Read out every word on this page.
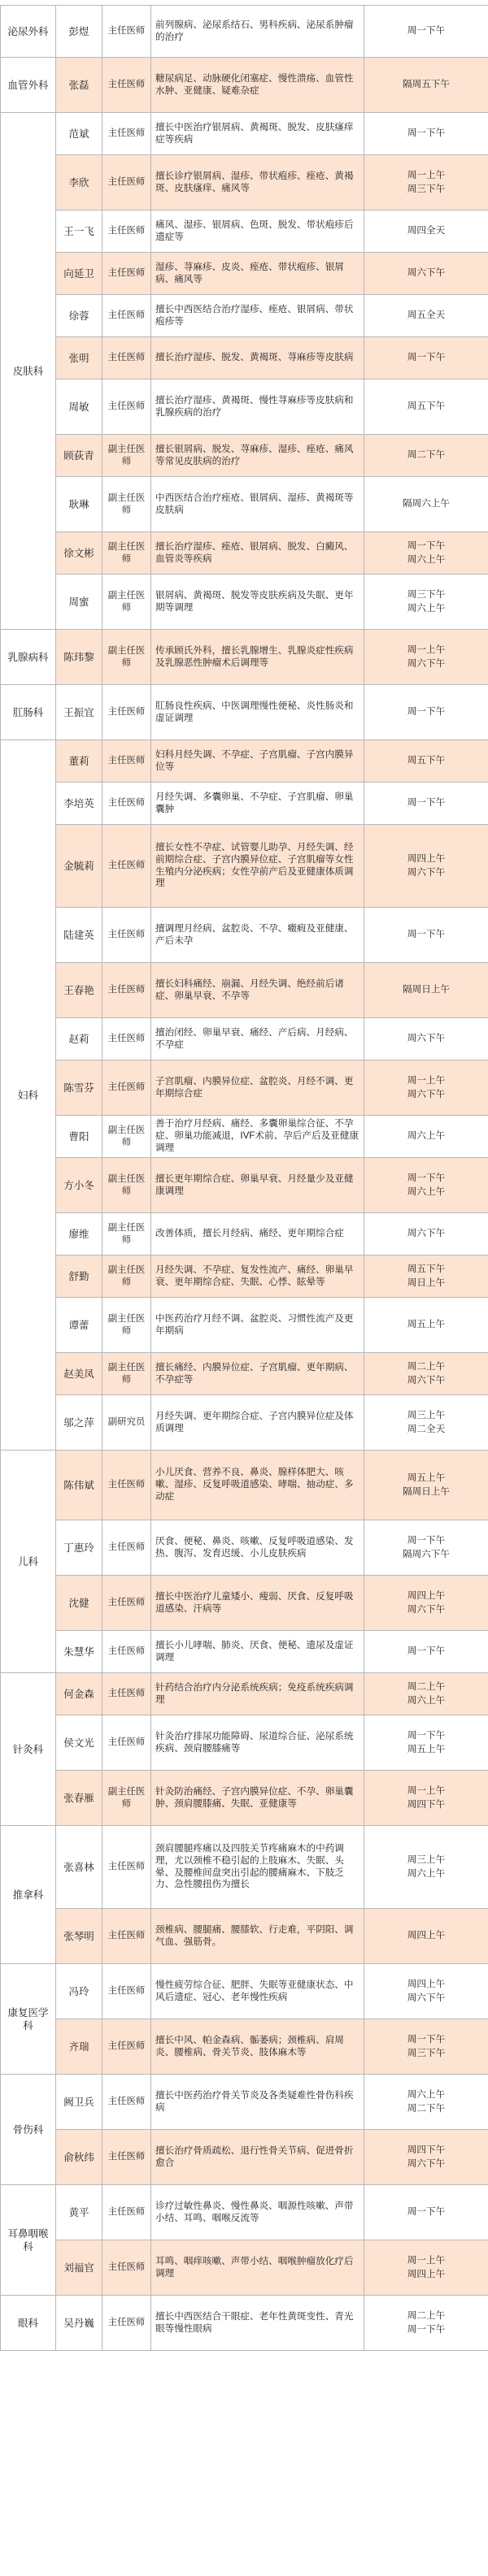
泌尿外科	彭煜	主任医师	前列腺病、泌尿系结石、男科疾病、泌尿系肿瘤的治疗	周一下午

血管外科	张磊	主任医师	糖尿病足、动脉硬化闭塞症、慢性溃疡、血管性水肿、亚健康、疑难杂症	隔周五下午

皮肤科	范斌	主任医师	擅长中医治疗银屑病、黄褐斑、脱发、皮肤瘙痒症等疾病	周一下午

	李欣	主任医师	擅长诊疗银屑病、湿疹、带状疱疹、痤疮、黄褐斑、皮肤瘙痒、痛风等	周一上午
周三下午

	王一飞	主任医师	痛风、湿疹、银屑病、色斑、脱发、带状疱疹后遗症等	周四全天

	向延卫	主任医师	湿疹、荨麻疹、皮炎、痤疮、带状疱疹、银屑病、痛风等	周六下午

	徐蓉	主任医师	擅长中西医结合治疗湿疹、痤疮、银屑病、带状疱疹等	周五全天

	张明	主任医师	擅长治疗湿疹、脱发、黄褐斑、荨麻疹等皮肤病	周一下午

	周敏	主任医师	擅长治疗湿疹、黄褐斑、慢性荨麻疹等皮肤病和乳腺疾病的治疗	周五下午

	顾荻青	副主任医师	擅长银屑病、脱发、荨麻疹、湿疹、痤疮、痛风等常见皮肤病的治疗	周二下午

	耿琳	副主任医师	中西医结合治疗痤疮、银屑病、湿疹、黄褐斑等皮肤病	隔周六上午

	徐文彬	副主任医师	擅长治疗湿疹、痤疮、银屑病、脱发、白癜风、血管炎等疾病	周一下午
周六上午

	周蜜	副主任医师	银屑病、黄褐斑、脱发等皮肤疾病及失眠、更年期等调理	周三下午
周六上午

乳腺病科	陈玮黎	副主任医师	传承顾氏外科，擅长乳腺增生、乳腺炎症性疾病及乳腺恶性肿瘤术后调理等	周一上午
周六下午

肛肠科	王振宜	主任医师	肛肠良性疾病、中医调理慢性便秘、炎性肠炎和虚证调理	周一下午

妇科	董莉	主任医师	妇科月经失调、不孕症、子宫肌瘤、子宫内膜异位等	周五下午

	李培英	主任医师	月经失调、多囊卵巢、不孕症、子宫肌瘤、卵巢囊肿	周一下午

	金毓莉	主任医师	擅长女性不孕症、试管婴儿助孕、月经失调、经前期综合症、子宫内膜异位症、子宫肌瘤等女性生殖内分泌疾病；女性孕前产后及亚健康体质调理	周四上午
周六下午

	陆建英	主任医师	擅调理月经病、盆腔炎、不孕、癥瘕及亚健康、产后未孕	周一下午

	王春艳	主任医师	擅长妇科痛经、崩漏、月经失调、绝经前后诸症、卵巢早衰、不孕等	隔周日上午

	赵莉	主任医师	擅治闭经、卵巢早衰、痛经、产后病、月经病、不孕症	周六下午

	陈雪芬	主任医师	子宫肌瘤、内膜异位症、盆腔炎、月经不调、更年期综合症	周一上午
周六下午

	曹阳	副主任医师	善于治疗月经病、痛经、多囊卵巢综合征、不孕症、卵巢功能减退，IVF术前、孕后产后及亚健康调理	周六上午

	方小冬	副主任医师	擅长更年期综合症、卵巢早衰、月经量少及亚健康调理	周一下午
周六上午

	廖维	副主任医师	改善体质，擅长月经病、痛经、更年期综合症	周六下午

	舒勤	副主任医师	月经失调、不孕症、复发性流产、痛经、卵巢早衰、更年期综合症、失眠、心悸、眩晕等	周五下午
周日上午

	谭蕾	副主任医师	中医药治疗月经不调、盆腔炎、习惯性流产及更年期病	周五上午

	赵美凤	副主任医师	擅长痛经、内膜异位症、子宫肌瘤、更年期病、不孕症等	周二上午
周六下午

	邬之萍	副研究员	月经失调、更年期综合症、子宫内膜异位症及体质调理	周三上午
周二全天

儿科	陈伟斌	主任医师	小儿厌食、营养不良、鼻炎、腺样体肥大、咳嗽、湿疹、反复呼吸道感染、哮喘、抽动症、多动症	周五上午
隔周日上午

	丁惠玲	主任医师	厌食、便秘、鼻炎、咳嗽、反复呼吸道感染、发热、腹泻、发育迟缓、小儿皮肤疾病	周一下午
隔周六下午

	沈健	主任医师	擅长中医治疗儿童矮小、瘦弱、厌食、反复呼吸道感染、汗病等	周四上午
周六下午

	朱慧华	主任医师	擅长小儿哮喘、肺炎、厌食、便秘、遗尿及虚证调理	周一下午

针灸科	何金森	主任医师	针药结合治疗内分泌系统疾病；免疫系统疾病调理	周二上午
周六上午

	侯文光	主任医师	针灸治疗排尿功能障碍、尿道综合征、泌尿系统疾病、颈肩腰膝痛等	周一下午
周五上午

	张春雁	副主任医师	针灸防治痛经、子宫内膜异位症、不孕、卵巢囊肿、颈肩腰膝痛、失眠、亚健康等	周一上午
周四下午

推拿科	张喜林	主任医师	颈肩腰腿疼痛以及四肢关节疼痛麻木的中药调理，尤以颈椎不稳引起的上肢麻木、失眠、头晕、及腰椎间盘突出引起的腰痛麻木、下肢乏力、急性腰扭伤为擅长	周三上午
周六上午

	张琴明	主任医师	颈椎病、腰腿痛、腰膝软、行走难，平阴阳、调气血、强筋骨。	周四上午

康复医学科	冯玲	主任医师	慢性疲劳综合征、肥胖、失眠等亚健康状态、中风后遗症、冠心、老年慢性疾病	周四上午
周六下午

	齐瑞	主任医师	擅长中风、帕金森病、骺萎病；颈椎病、肩周炎、腰椎病、骨关节炎、肢体麻木等	周一下午
周三下午

骨伤科	阙卫兵	主任医师	擅长中医药治疗骨关节炎及各类疑难性骨伤科疾病	周六上午
周二下午

	俞秋纬	主任医师	擅长治疗骨质疏松、退行性骨关节病、促进骨折愈合	周四下午
周六下午

耳鼻咽喉科	黄平	主任医师	诊疗过敏性鼻炎、慢性鼻炎、咽源性咳嗽、声带小结、耳鸣、咽喉反流等	周一下午

	刘福官	主任医师	耳鸣、咽痒咳嗽、声带小结、咽喉肿瘤放化疗后调理	周一上午
周四上午

眼科	吴丹巍	主任医师	擅长中西医结合干眼症、老年性黄斑变性、青光眼等慢性眼病	周二上午
周一下午
